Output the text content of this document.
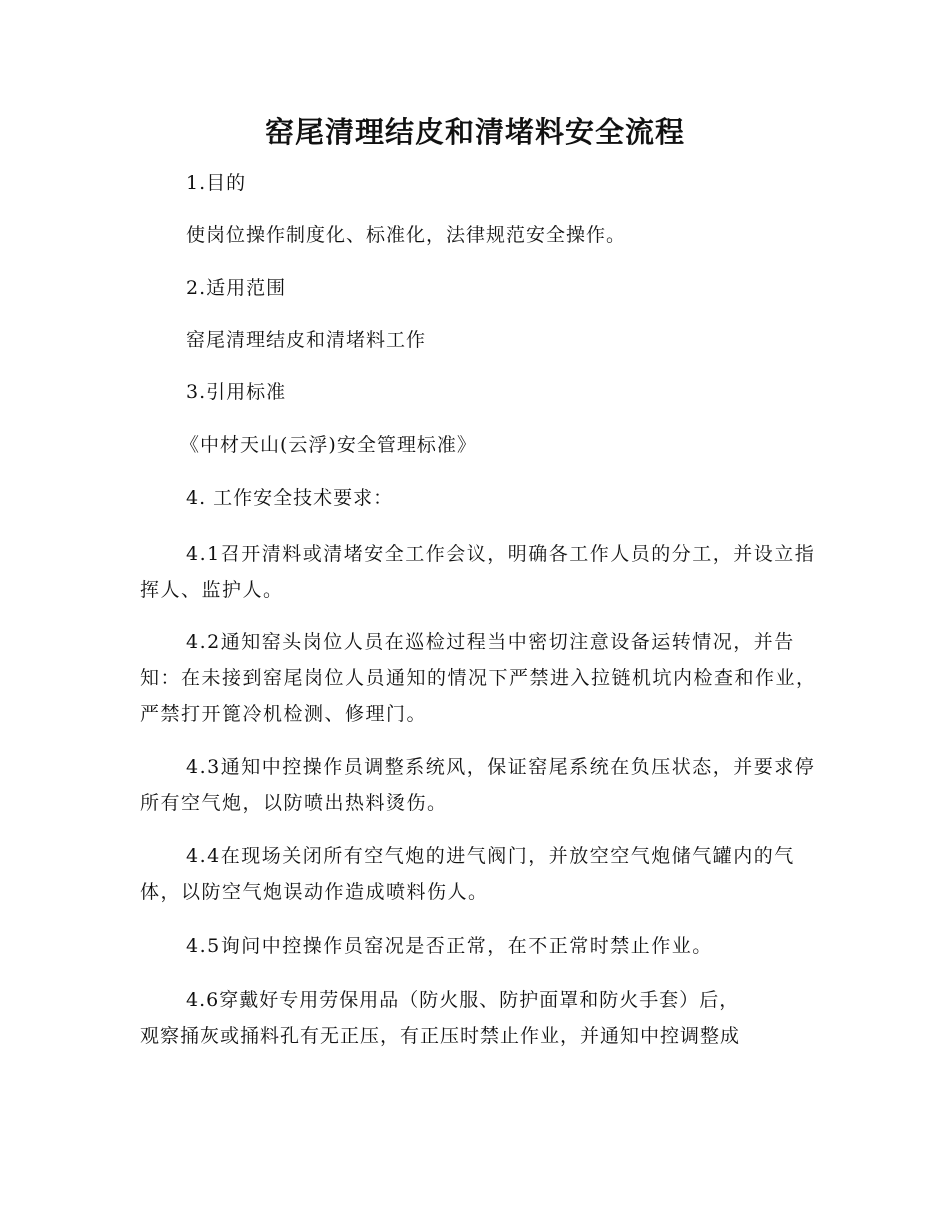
窑尾清理结皮和清堵料安全流程

1.目的

使岗位操作制度化、标准化，法律规范安全操作。

2.适用范围

窑尾清理结皮和清堵料工作

3.引用标准

《中材天山(云浮)安全管理标准》

4. 工作安全技术要求：

4.1召开清料或清堵安全工作会议，明确各工作人员的分工，并设立指挥人、监护人。

4.2通知窑头岗位人员在巡检过程当中密切注意设备运转情况，并告知：在未接到窑尾岗位人员通知的情况下严禁进入拉链机坑内检查和作业，严禁打开篦冷机检测、修理门。

4.3通知中控操作员调整系统风，保证窑尾系统在负压状态，并要求停所有空气炮，以防喷出热料烫伤。

4.4在现场关闭所有空气炮的进气阀门，并放空空气炮储气罐内的气体，以防空气炮误动作造成喷料伤人。

4.5询问中控操作员窑况是否正常，在不正常时禁止作业。

4.6穿戴好专用劳保用品（防火服、防护面罩和防火手套）后，

观察捅灰或捅料孔有无正压，有正压时禁止作业，并通知中控调整成
